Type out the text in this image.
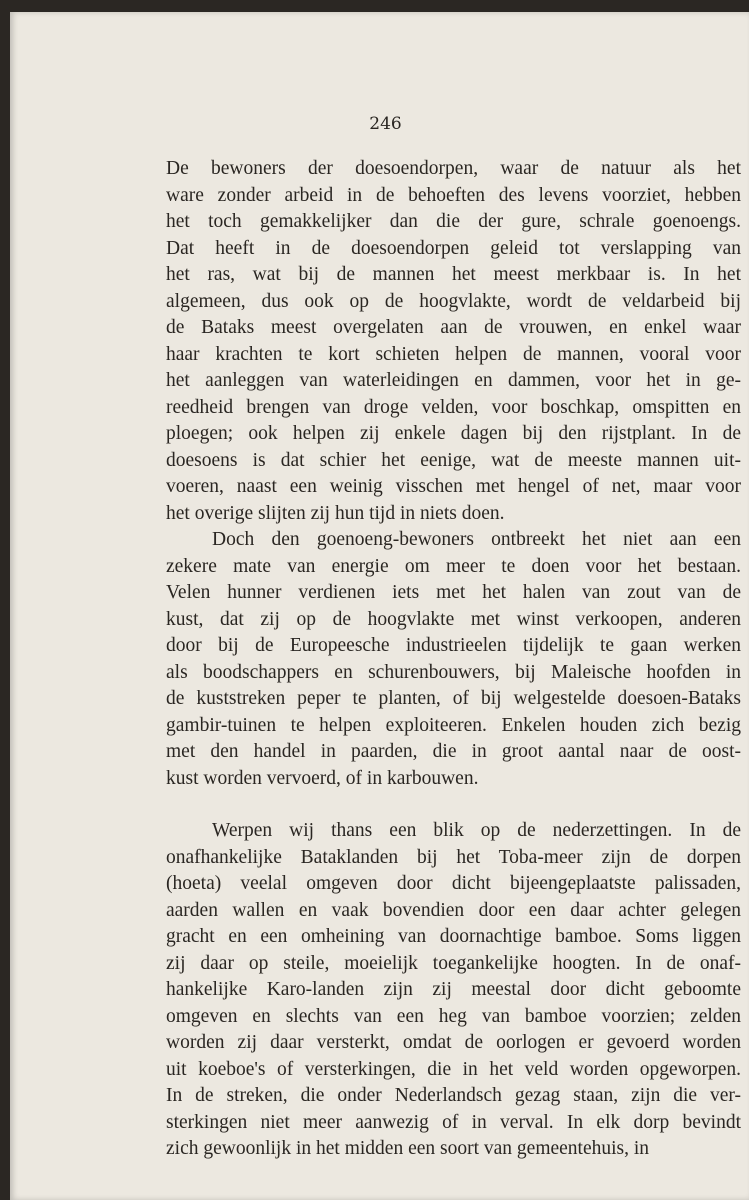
246
De bewoners der doesoendorpen, waar de natuur als het
ware zonder arbeid in de behoeften des levens voorziet, hebben
het toch gemakkelijker dan die der gure, schrale goenoengs.
Dat heeft in de doesoendorpen geleid tot verslapping van
het ras, wat bij de mannen het meest merkbaar is. In het
algemeen, dus ook op de hoogvlakte, wordt de veldarbeid bij
de Bataks meest overgelaten aan de vrouwen, en enkel waar
haar krachten te kort schieten helpen de mannen, vooral voor
het aanleggen van waterleidingen en dammen, voor het in ge-
reedheid brengen van droge velden, voor boschkap, omspitten en
ploegen; ook helpen zij enkele dagen bij den rijstplant. In de
doesoens is dat schier het eenige, wat de meeste mannen uit-
voeren, naast een weinig visschen met hengel of net, maar voor
het overige slijten zij hun tijd in niets doen.
Doch den goenoeng-bewoners ontbreekt het niet aan een
zekere mate van energie om meer te doen voor het bestaan.
Velen hunner verdienen iets met het halen van zout van de
kust, dat zij op de hoogvlakte met winst verkoopen, anderen
door bij de Europeesche industrieelen tijdelijk te gaan werken
als boodschappers en schurenbouwers, bij Maleische hoofden in
de kuststreken peper te planten, of bij welgestelde doesoen-Bataks
gambir-tuinen te helpen exploiteeren. Enkelen houden zich bezig
met den handel in paarden, die in groot aantal naar de oost-
kust worden vervoerd, of in karbouwen.
Werpen wij thans een blik op de nederzettingen. In de
onafhankelijke Bataklanden bij het Toba-meer zijn de dorpen
(hoeta) veelal omgeven door dicht bijeengeplaatste palissaden,
aarden wallen en vaak bovendien door een daar achter gelegen
gracht en een omheining van doornachtige bamboe. Soms liggen
zij daar op steile, moeielijk toegankelijke hoogten. In de onaf-
hankelijke Karo-landen zijn zij meestal door dicht geboomte
omgeven en slechts van een heg van bamboe voorzien; zelden
worden zij daar versterkt, omdat de oorlogen er gevoerd worden
uit koeboe's of versterkingen, die in het veld worden opgeworpen.
In de streken, die onder Nederlandsch gezag staan, zijn die ver-
sterkingen niet meer aanwezig of in verval. In elk dorp bevindt
zich gewoonlijk in het midden een soort van gemeentehuis, in
